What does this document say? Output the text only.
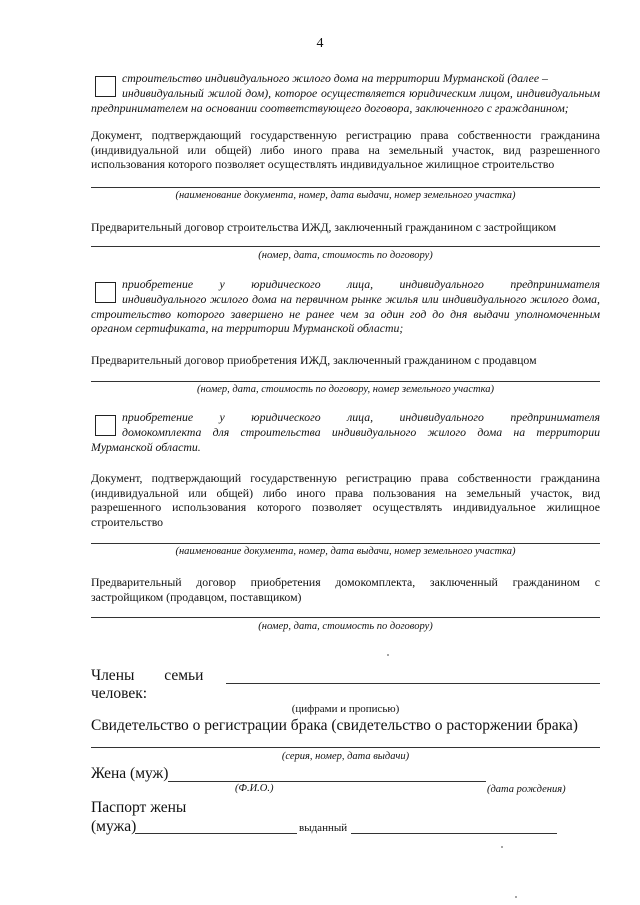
4
строительство индивидуального жилого дома на территории Мурманской (далее –
индивидуальный жилой дом), которое осуществляется юридическим лицом, индивидуальным предпринимателем на основании соответствующего договора, заключенного с гражданином;
Документ, подтверждающий государственную регистрацию права собственности гражданина (индивидуальной или общей) либо иного права на земельный участок, вид разрешенного использования которого позволяет осуществлять индивидуальное жилищное строительство
(наименование документа, номер, дата выдачи, номер земельного участка)
Предварительный договор строительства ИЖД, заключенный гражданином с застройщиком
(номер, дата, стоимость по договору)
приобретение у юридического лица, индивидуального предпринимателя
индивидуального жилого дома на первичном рынке жилья или индивидуального жилого дома, строительство которого завершено не ранее чем за один год до дня выдачи уполномоченным органом сертификата, на территории Мурманской области;
Предварительный договор приобретения ИЖД, заключенный гражданином с продавцом
(номер, дата, стоимость по договору, номер земельного участка)
приобретение у юридического лица, индивидуального предпринимателя
домокомплекта для строительства индивидуального жилого дома на территории Мурманской области.
Документ, подтверждающий государственную регистрацию права собственности гражданина (индивидуальной или общей) либо иного права пользования на земельный участок, вид разрешенного использования которого позволяет осуществлять индивидуальное жилищное строительство
(наименование документа, номер, дата выдачи, номер земельного участка)
Предварительный договор приобретения домокомплекта, заключенный гражданином с застройщиком (продавцом, поставщиком)
(номер, дата, стоимость по договору)
Члены семьи
человек:
(цифрами и прописью)
Свидетельство о регистрации брака (свидетельство о расторжении брака)
(серия, номер, дата выдачи)
Жена (муж)
(Ф.И.О.)	(дата рождения)
Паспорт жены
(мужа)	выданный
